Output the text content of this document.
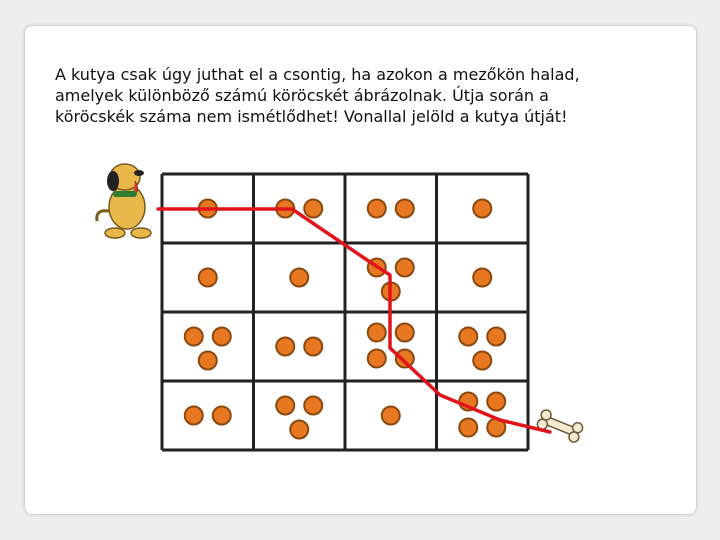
A kutya csak úgy juthat el a csontig, ha azokon a mezőkön halad,
amelyek különböző számú köröcskét ábrázolnak. Útja során a
köröcskék száma nem ismétlődhet! Vonallal jelöld a kutya útját!
